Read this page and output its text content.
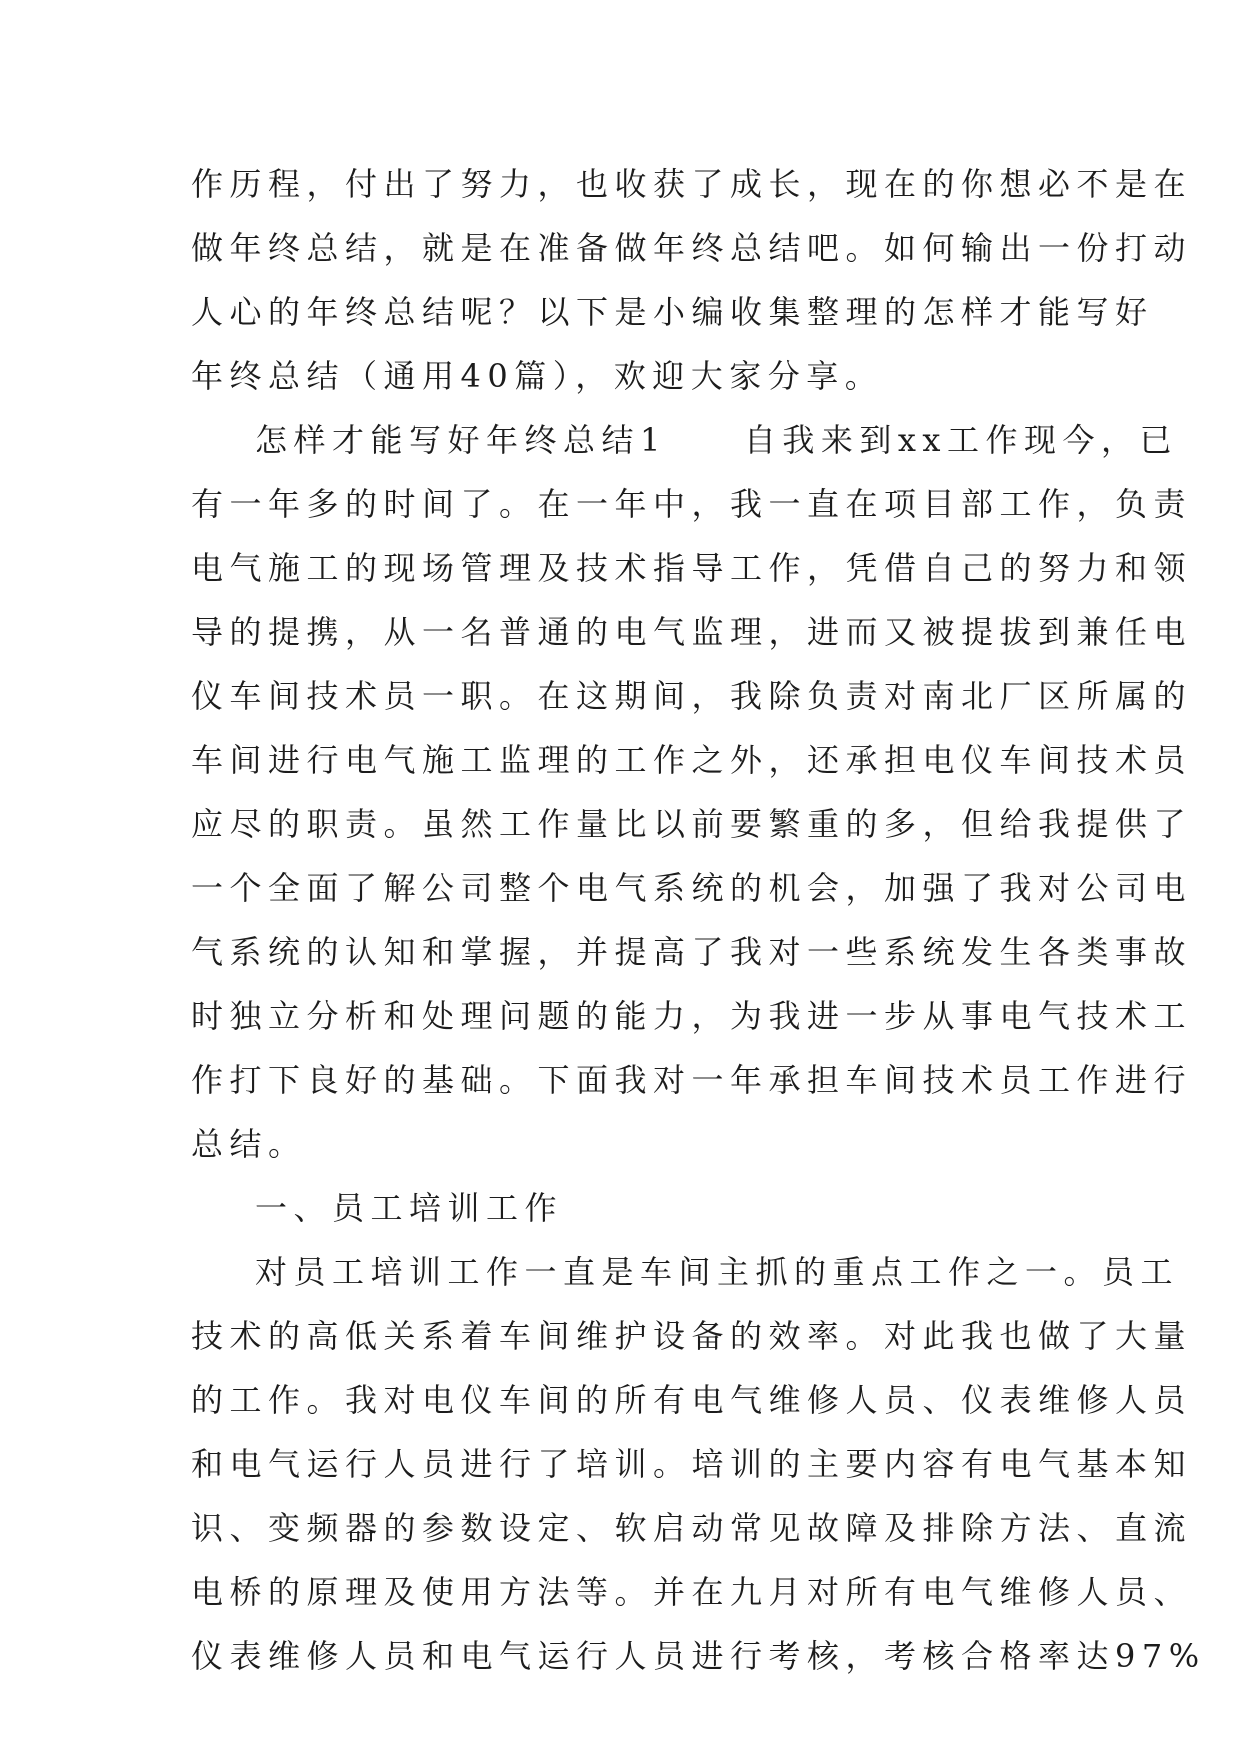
作历程，付出了努力，也收获了成长，现在的你想必不是在
做年终总结，就是在准备做年终总结吧。如何输出一份打动
人心的年终总结呢？以下是小编收集整理的怎样才能写好
年终总结（通用40篇），欢迎大家分享。
怎样才能写好年终总结1　　自我来到xx工作现今，已
有一年多的时间了。在一年中，我一直在项目部工作，负责
电气施工的现场管理及技术指导工作，凭借自己的努力和领
导的提携，从一名普通的电气监理，进而又被提拔到兼任电
仪车间技术员一职。在这期间，我除负责对南北厂区所属的
车间进行电气施工监理的工作之外，还承担电仪车间技术员
应尽的职责。虽然工作量比以前要繁重的多，但给我提供了
一个全面了解公司整个电气系统的机会，加强了我对公司电
气系统的认知和掌握，并提高了我对一些系统发生各类事故
时独立分析和处理问题的能力，为我进一步从事电气技术工
作打下良好的基础。下面我对一年承担车间技术员工作进行
总结。
一、员工培训工作
对员工培训工作一直是车间主抓的重点工作之一。员工
技术的高低关系着车间维护设备的效率。对此我也做了大量
的工作。我对电仪车间的所有电气维修人员、仪表维修人员
和电气运行人员进行了培训。培训的主要内容有电气基本知
识、变频器的参数设定、软启动常见故障及排除方法、直流
电桥的原理及使用方法等。并在九月对所有电气维修人员、
仪表维修人员和电气运行人员进行考核，考核合格率达97%
